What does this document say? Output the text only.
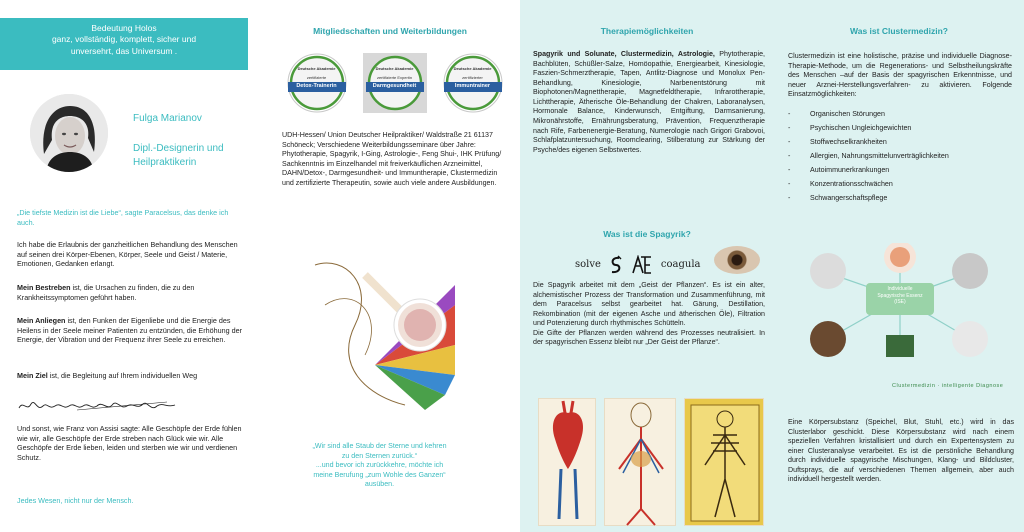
Bedeutung Holos
ganz, vollständig, komplett, sicher und
unversehrt, das Universum .
Fulga Marianov
Dipl.-Designerin und
Heilpraktikerin
„Die tiefste Medizin ist die Liebe“, sagte Paracelsus, das denke ich auch.
Ich habe die Erlaubnis der ganzheitlichen Behandlung des Menschen auf seinen drei Körper-Ebenen, Körper, Seele und Geist / Materie, Emotionen, Gedanken erlangt.
Mein Bestreben ist, die Ursachen zu finden, die zu den Krankheitssymptomen geführt haben.
Mein Anliegen ist, den Funken der Eigenliebe und die Energie des Heilens in der Seele meiner Patienten zu entzünden, die Erhöhung der Energie, der Vibration und der Frequenz ihrer Seele zu erreichen.
Mein Ziel ist, die Begleitung auf Ihrem individuellen Weg
Und sonst, wie Franz von Assisi sagte: Alle Geschöpfe der Erde fühlen wie wir, alle Geschöpfe der Erde streben nach Glück wie wir. Alle Geschöpfe der Erde lieben, leiden und sterben wie wir und verdienen Schutz.
Jedes Wesen, nicht nur der Mensch.
Mitgliedschaften und Weiterbildungen
Deutsche Akademie
zertifizierte
Detox-Trainerin
Deutsche Akademie
zertifizierte Expertin
Darmgesundheit
Deutsche Akademie
zertifizierter
Immuntrainer
UDH-Hessen/ Union Deutscher Heilpraktiker/ Waldstraße 21 61137 Schöneck; Verschiedene Weiterbildungsseminare über Jahre: Phytotherapie, Spagyrik, I-Ging, Astrologie-, Feng Shui-, IHK Prüfung/ Sachkenntnis im Einzelhandel mit freiverkäuflichen Arzneimittel, DAHN/Detox-, Darmgesundheit- und Immuntherapie, Clustermedizin und zertifizierte Therapeutin, sowie auch viele andere Ausbildungen.
„Wir sind alle Staub der Sterne und kehren
zu den Sternen zurück.“
...und bevor ich zurückkehre, möchte ich
meine Berufung „zum Wohle des Ganzen“
ausüben.
Therapiemöglichkeiten
Spagyrik und Solunate, Clustermedizin, Astrologie, Phytotherapie, Bachblüten, Schüßler-Salze, Homöopathie, Energiearbeit, Kinesiologie, Faszien-Schmerztherapie, Tapen, Antlitz-Diagnose und Monolux Pen-Behandlung, Kinesiologie, Narbenentstörung mit Biophotonen/Magnettherapie, Magnetfeldtherapie, Infrarottherapie, Lichttherapie, Ätherische Öle-Behandlung der Chakren, Laboranalysen, Hormonale Balance, Kinderwunsch, Entgiftung, Darmsanierung, Mikronährstoffe, Ernährungsberatung, Prävention, Frequenztherapie nach Rife, Farbenenergie-Beratung, Numerologie nach Grigori Grabovoi, Schlafplatzuntersuchung, Roomclearing, Stilberatung zur Stärkung der Psyche/des eigenen Selbstwertes.
Was ist die Spagyrik?
solve	coagula
Die Spagyrik arbeitet mit dem „Geist der Pflanzen“. Es ist ein alter, alchemistischer Prozess der Transformation und Zusammenführung, mit dem Paracelsus selbst gearbeitet hat. Gärung, Destillation, Rekombination (mit der eigenen Asche und ätherischen Öle), Filtration und Potenzierung durch rhythmisches Schütteln.
Die Gifte der Pflanzen werden während des Prozesses neutralisiert. In der spagyrischen Essenz bleibt nur „Der Geist der Pflanze“.
Was ist Clustermedizin?
Clustermedizin ist eine holistische, präzise und individuelle Diagnose-Therapie-Methode, um die Regenerations- und Selbstheilungskräfte des Menschen –auf der Basis der spagyrischen Erkenntnisse, und neuer Arznei-Herstellungsverfahren- zu aktivieren. Folgende Einsatzmöglichkeiten:
-	Organischen Störungen
-	Psychischen Ungleichgewichten
-	Stoffwechselkrankheiten
-	Allergien, Nahrungsmittelunverträglichkeiten
-	Autoimmunerkrankungen
-	Konzentrationsschwächen
-	Schwangerschaftspflege
Individuelle
Spagyrische Essenz
(ISE)
Clustermedizin · intelligente Diagnose
Eine Körpersubstanz (Speichel, Blut, Stuhl, etc.) wird in das Clusterlabor geschickt. Diese Körpersubstanz wird nach einem speziellen Verfahren kristallisiert und durch ein Expertensystem zu einer Clusteranalyse verarbeitet. Es ist die persönliche Behandlung durch individuelle spagyrische Mischungen, Klang- und Bildcluster, Duftsprays, die auf verschiedenen Themen allgemein, aber auch individuell hergestellt werden.
